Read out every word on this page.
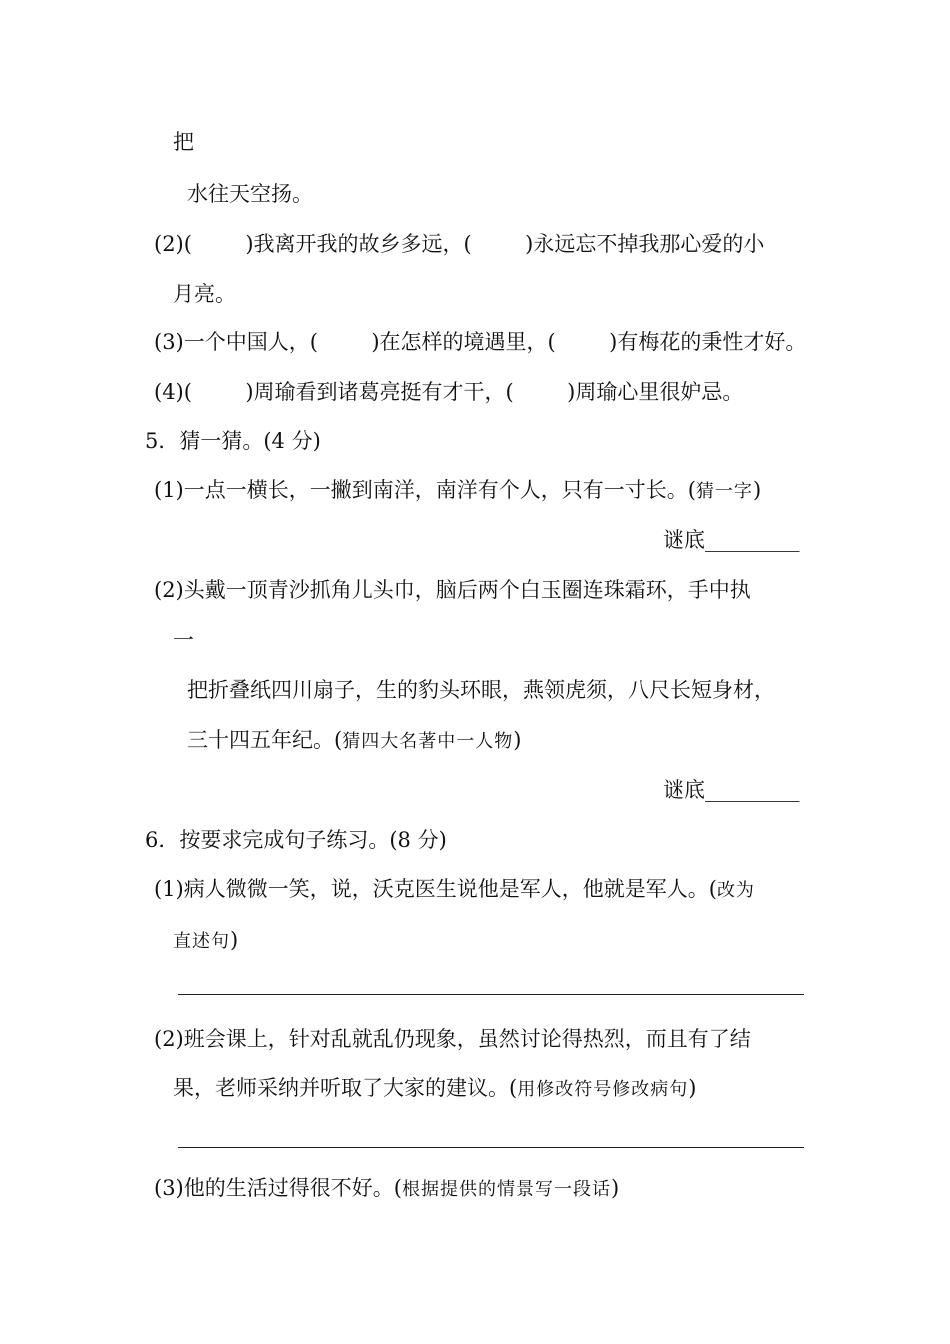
把
水往天空扬。
(2)(        )我离开我的故乡多远，(        )永远忘不掉我那心爱的小
月亮。
(3)一个中国人，(        )在怎样的境遇里，(        )有梅花的秉性才好。
(4)(        )周瑜看到诸葛亮挺有才干，(        )周瑜心里很妒忌。
5．猜一猜。(4 分)
(1)一点一横长，一撇到南洋，南洋有个人，只有一寸长。(猜一字)
谜底_________
(2)头戴一顶青沙抓角儿头巾，脑后两个白玉圈连珠霜环，手中执
一
把折叠纸四川扇子，生的豹头环眼，燕领虎须，八尺长短身材，
三十四五年纪。(猜四大名著中一人物)
谜底_________
6．按要求完成句子练习。(8 分)
(1)病人微微一笑，说，沃克医生说他是军人，他就是军人。(改为
直述句)
(2)班会课上，针对乱就乱仍现象，虽然讨论得热烈，而且有了结
果，老师采纳并听取了大家的建议。(用修改符号修改病句)
(3)他的生活过得很不好。(根据提供的情景写一段话)
